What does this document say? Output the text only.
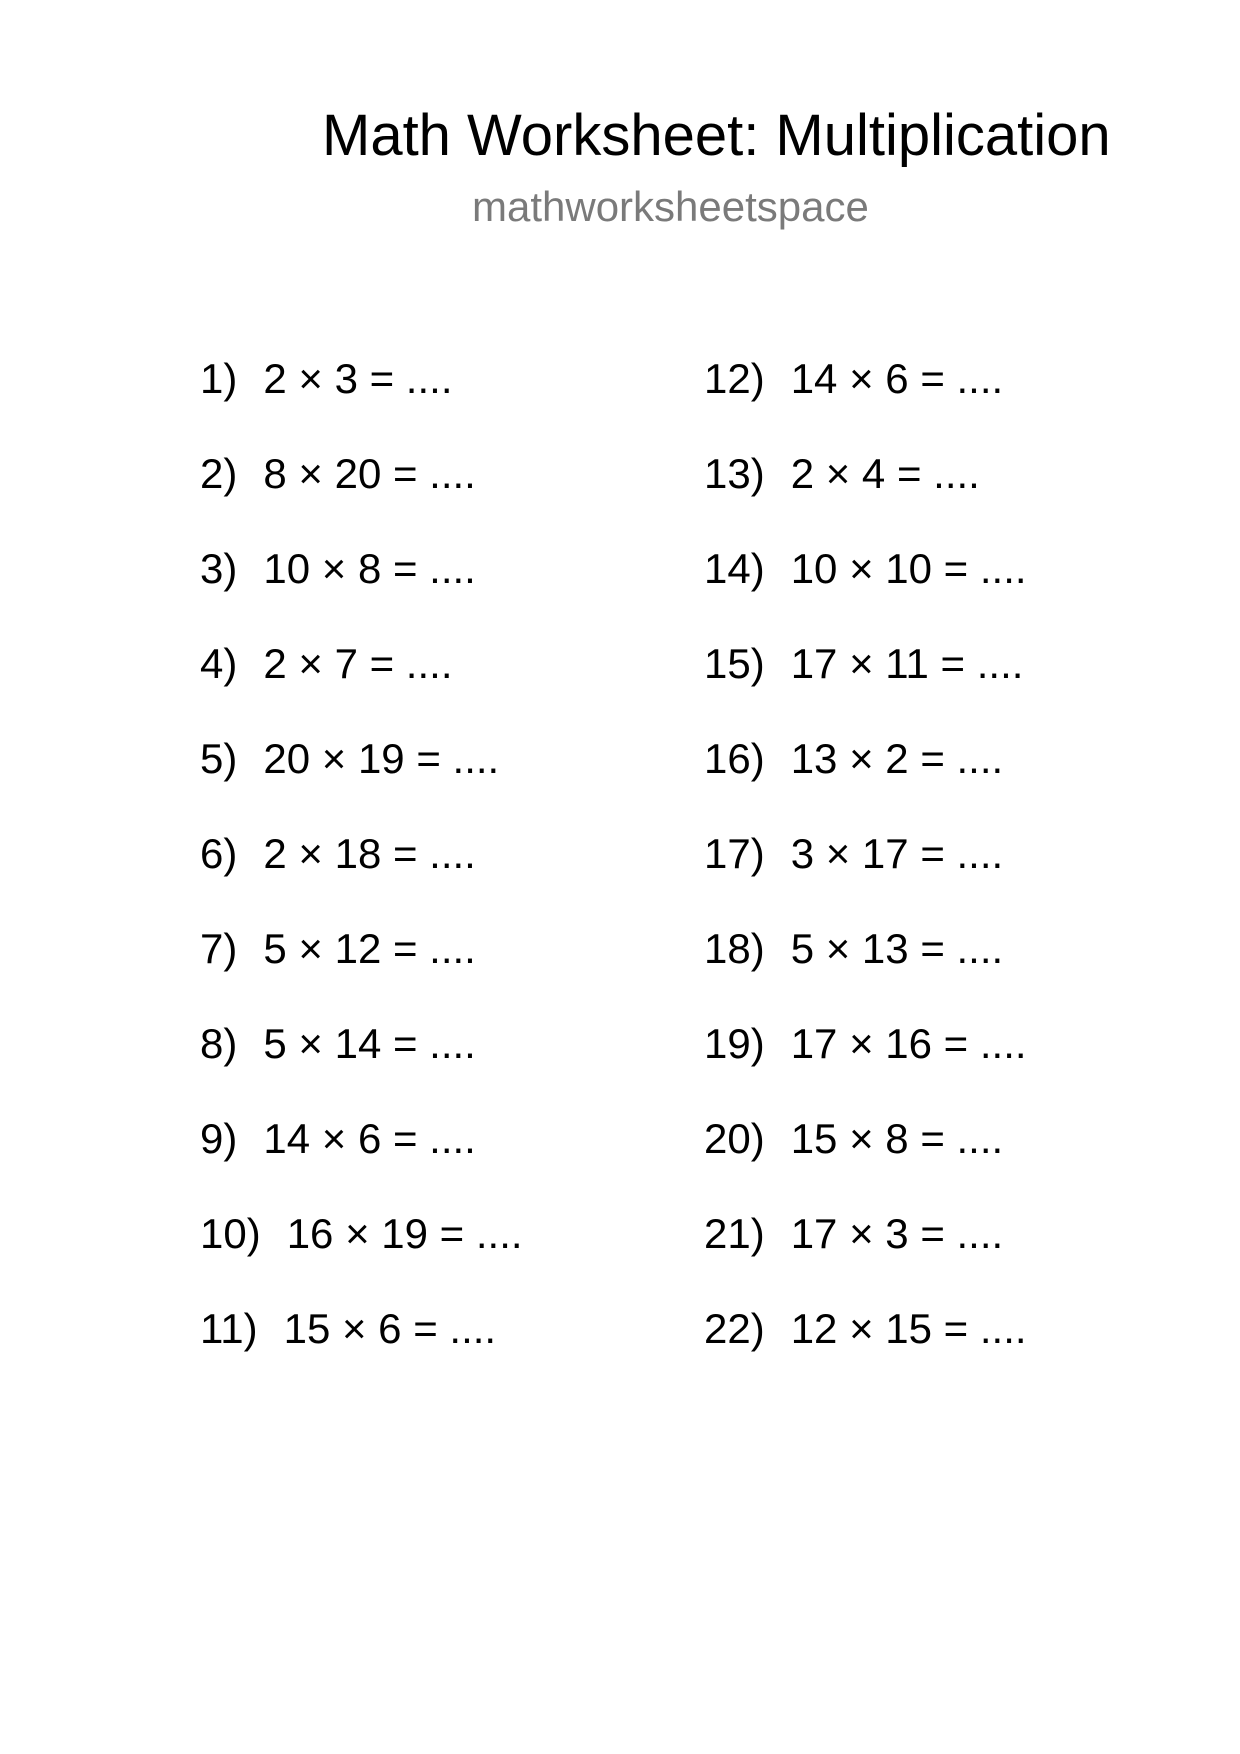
Math Worksheet: Multiplication
mathworksheetspace
1) 2 × 3 = ....
2) 8 × 20 = ....
3) 10 × 8 = ....
4) 2 × 7 = ....
5) 20 × 19 = ....
6) 2 × 18 = ....
7) 5 × 12 = ....
8) 5 × 14 = ....
9) 14 × 6 = ....
10) 16 × 19 = ....
11) 15 × 6 = ....
12) 14 × 6 = ....
13) 2 × 4 = ....
14) 10 × 10 = ....
15) 17 × 11 = ....
16) 13 × 2 = ....
17) 3 × 17 = ....
18) 5 × 13 = ....
19) 17 × 16 = ....
20) 15 × 8 = ....
21) 17 × 3 = ....
22) 12 × 15 = ....
